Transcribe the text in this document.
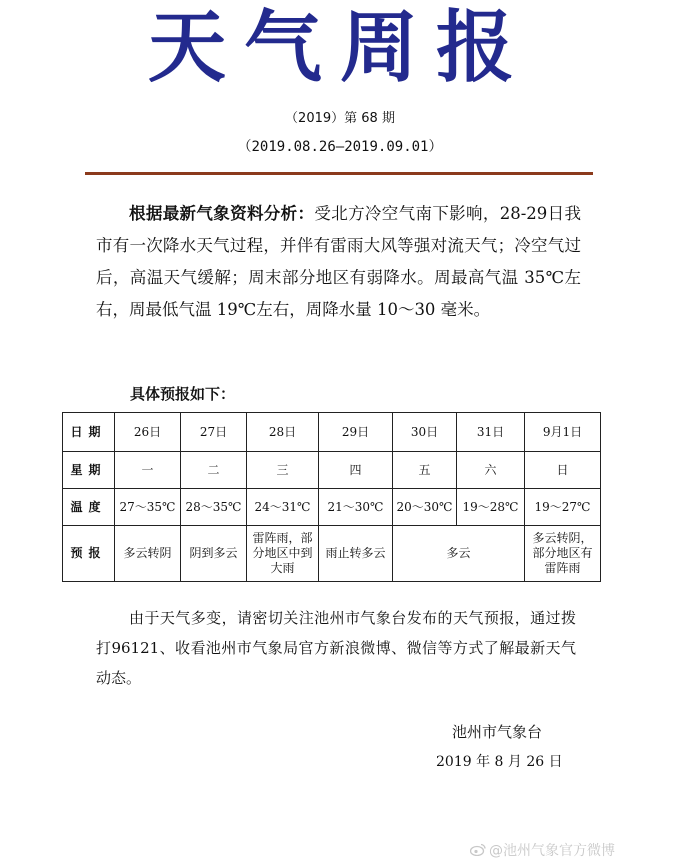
天气周报
（2019）第 68 期
（2019.08.26—2019.09.01）
根据最新气象资料分析：受北方冷空气南下影响，28-29日我市有一次降水天气过程，并伴有雷雨大风等强对流天气；冷空气过后，高温天气缓解；周末部分地区有弱降水。周最高气温 35℃左右，周最低气温 19℃左右，周降水量 10～30 毫米。
具体预报如下：
日期	26日	27日	28日	29日	30日	31日	9月1日
星期	一	二	三	四	五	六	日
温度	27～35℃	28～35℃	24～31℃	21～30℃	20～30℃	19～28℃	19～27℃
预报	多云转阴	阴到多云	雷阵雨，部分地区中到大雨	雨止转多云	多云		多云转阴，部分地区有雷阵雨
由于天气多变，请密切关注池州市气象台发布的天气预报，通过拨打96121、收看池州市气象局官方新浪微博、微信等方式了解最新天气动态。
池州市气象台
2019 年 8 月 26 日
@池州气象官方微博
